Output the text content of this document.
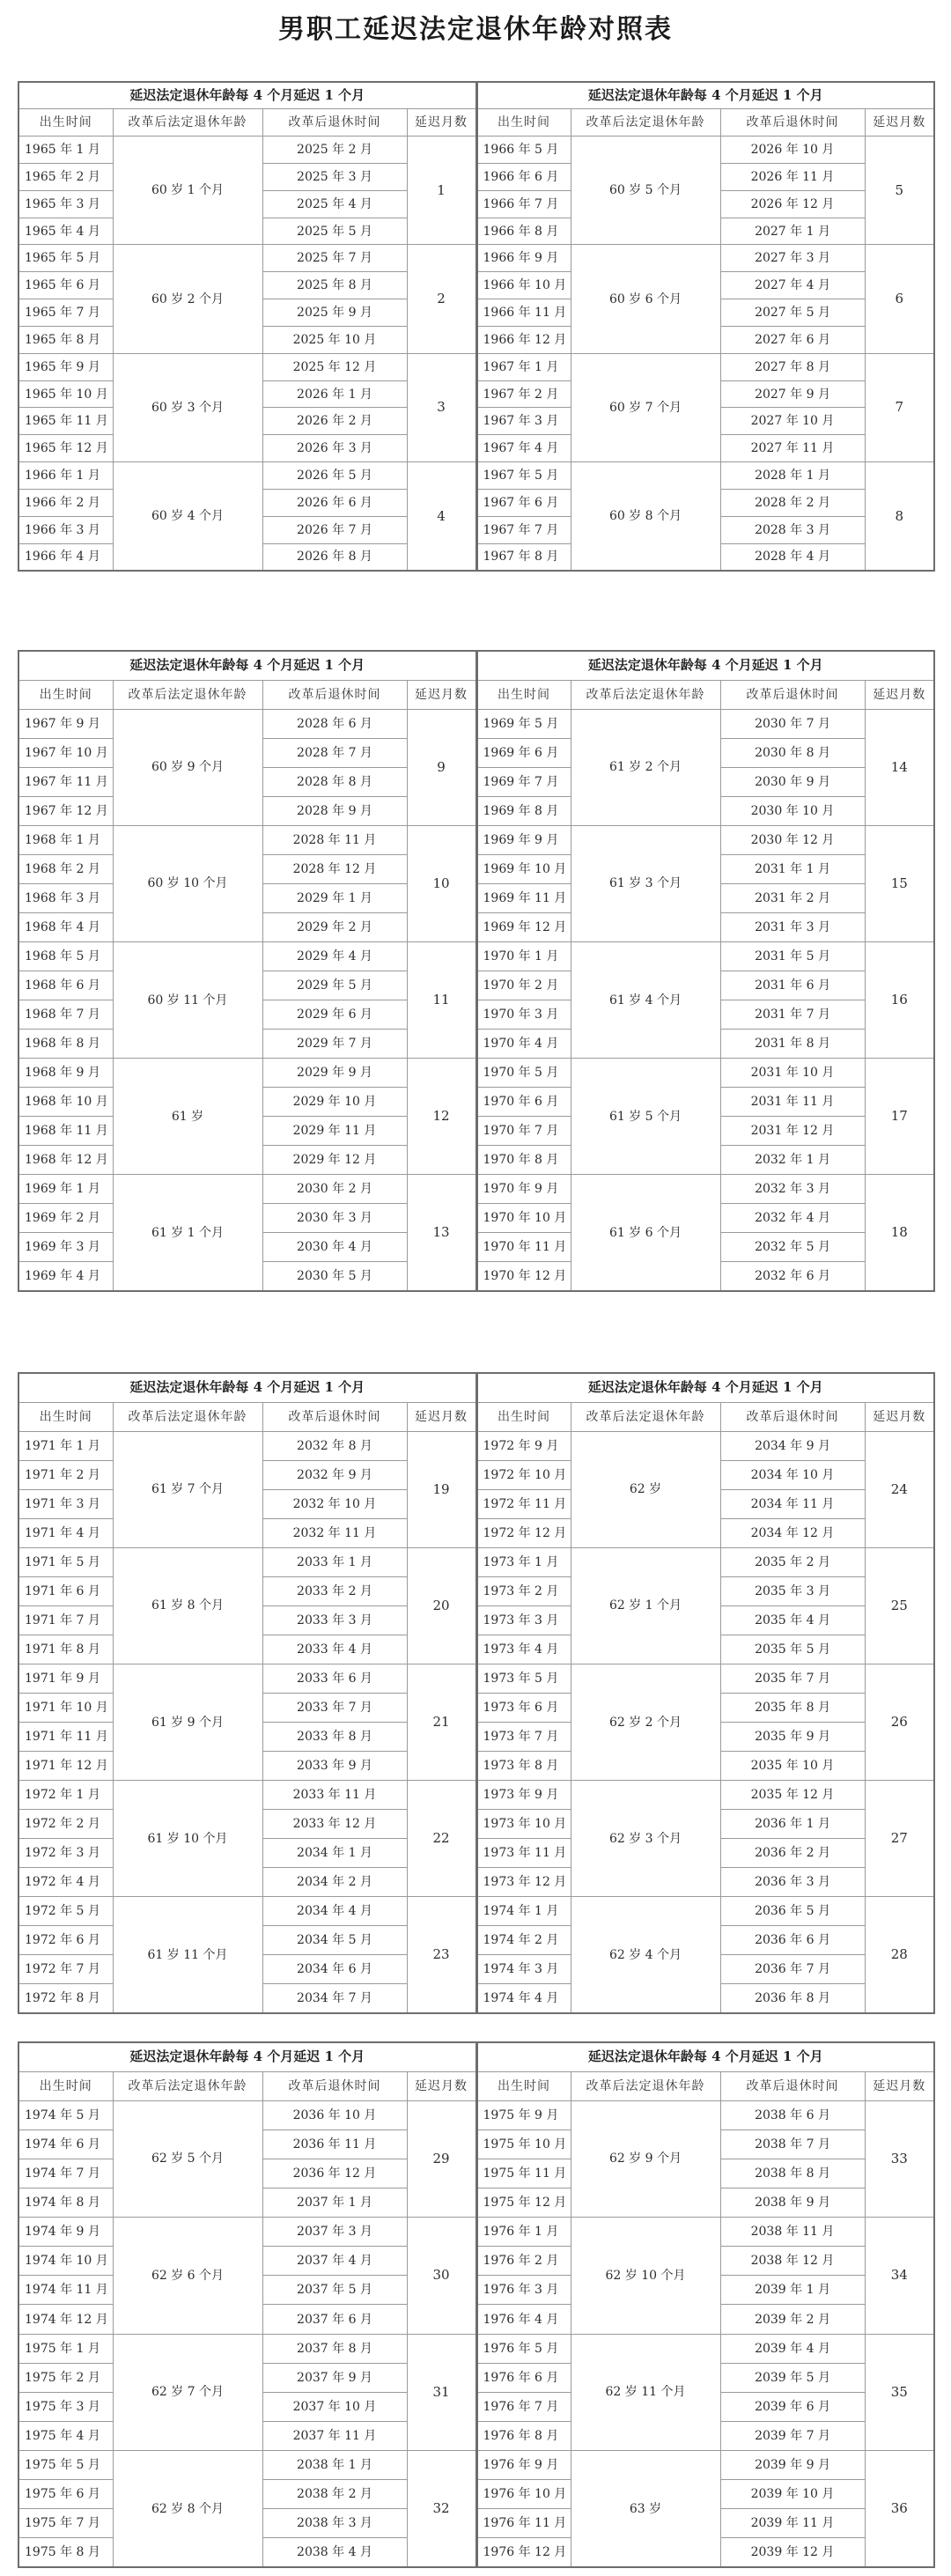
男职工延迟法定退休年龄对照表
延迟法定退休年龄每 4 个月延迟 1 个月				延迟法定退休年龄每 4 个月延迟 1 个月			
出生时间	改革后法定退休年龄	改革后退休时间	延迟月数	出生时间	改革后法定退休年龄	改革后退休时间	延迟月数
1965 年 1 月	60 岁 1 个月	2025 年 2 月	1	1966 年 5 月	60 岁 5 个月	2026 年 10 月	5
1965 年 2 月		2025 年 3 月		1966 年 6 月		2026 年 11 月	
1965 年 3 月		2025 年 4 月		1966 年 7 月		2026 年 12 月	
1965 年 4 月		2025 年 5 月		1966 年 8 月		2027 年 1 月	
1965 年 5 月	60 岁 2 个月	2025 年 7 月	2	1966 年 9 月	60 岁 6 个月	2027 年 3 月	6
1965 年 6 月		2025 年 8 月		1966 年 10 月		2027 年 4 月	
1965 年 7 月		2025 年 9 月		1966 年 11 月		2027 年 5 月	
1965 年 8 月		2025 年 10 月		1966 年 12 月		2027 年 6 月	
1965 年 9 月	60 岁 3 个月	2025 年 12 月	3	1967 年 1 月	60 岁 7 个月	2027 年 8 月	7
1965 年 10 月		2026 年 1 月		1967 年 2 月		2027 年 9 月	
1965 年 11 月		2026 年 2 月		1967 年 3 月		2027 年 10 月	
1965 年 12 月		2026 年 3 月		1967 年 4 月		2027 年 11 月	
1966 年 1 月	60 岁 4 个月	2026 年 5 月	4	1967 年 5 月	60 岁 8 个月	2028 年 1 月	8
1966 年 2 月		2026 年 6 月		1967 年 6 月		2028 年 2 月	
1966 年 3 月		2026 年 7 月		1967 年 7 月		2028 年 3 月	
1966 年 4 月		2026 年 8 月		1967 年 8 月		2028 年 4 月	
延迟法定退休年龄每 4 个月延迟 1 个月				延迟法定退休年龄每 4 个月延迟 1 个月			
出生时间	改革后法定退休年龄	改革后退休时间	延迟月数	出生时间	改革后法定退休年龄	改革后退休时间	延迟月数
1967 年 9 月	60 岁 9 个月	2028 年 6 月	9	1969 年 5 月	61 岁 2 个月	2030 年 7 月	14
1967 年 10 月		2028 年 7 月		1969 年 6 月		2030 年 8 月	
1967 年 11 月		2028 年 8 月		1969 年 7 月		2030 年 9 月	
1967 年 12 月		2028 年 9 月		1969 年 8 月		2030 年 10 月	
1968 年 1 月	60 岁 10 个月	2028 年 11 月	10	1969 年 9 月	61 岁 3 个月	2030 年 12 月	15
1968 年 2 月		2028 年 12 月		1969 年 10 月		2031 年 1 月	
1968 年 3 月		2029 年 1 月		1969 年 11 月		2031 年 2 月	
1968 年 4 月		2029 年 2 月		1969 年 12 月		2031 年 3 月	
1968 年 5 月	60 岁 11 个月	2029 年 4 月	11	1970 年 1 月	61 岁 4 个月	2031 年 5 月	16
1968 年 6 月		2029 年 5 月		1970 年 2 月		2031 年 6 月	
1968 年 7 月		2029 年 6 月		1970 年 3 月		2031 年 7 月	
1968 年 8 月		2029 年 7 月		1970 年 4 月		2031 年 8 月	
1968 年 9 月	61 岁	2029 年 9 月	12	1970 年 5 月	61 岁 5 个月	2031 年 10 月	17
1968 年 10 月		2029 年 10 月		1970 年 6 月		2031 年 11 月	
1968 年 11 月		2029 年 11 月		1970 年 7 月		2031 年 12 月	
1968 年 12 月		2029 年 12 月		1970 年 8 月		2032 年 1 月	
1969 年 1 月	61 岁 1 个月	2030 年 2 月	13	1970 年 9 月	61 岁 6 个月	2032 年 3 月	18
1969 年 2 月		2030 年 3 月		1970 年 10 月		2032 年 4 月	
1969 年 3 月		2030 年 4 月		1970 年 11 月		2032 年 5 月	
1969 年 4 月		2030 年 5 月		1970 年 12 月		2032 年 6 月	
延迟法定退休年龄每 4 个月延迟 1 个月				延迟法定退休年龄每 4 个月延迟 1 个月			
出生时间	改革后法定退休年龄	改革后退休时间	延迟月数	出生时间	改革后法定退休年龄	改革后退休时间	延迟月数
1971 年 1 月	61 岁 7 个月	2032 年 8 月	19	1972 年 9 月	62 岁	2034 年 9 月	24
1971 年 2 月		2032 年 9 月		1972 年 10 月		2034 年 10 月	
1971 年 3 月		2032 年 10 月		1972 年 11 月		2034 年 11 月	
1971 年 4 月		2032 年 11 月		1972 年 12 月		2034 年 12 月	
1971 年 5 月	61 岁 8 个月	2033 年 1 月	20	1973 年 1 月	62 岁 1 个月	2035 年 2 月	25
1971 年 6 月		2033 年 2 月		1973 年 2 月		2035 年 3 月	
1971 年 7 月		2033 年 3 月		1973 年 3 月		2035 年 4 月	
1971 年 8 月		2033 年 4 月		1973 年 4 月		2035 年 5 月	
1971 年 9 月	61 岁 9 个月	2033 年 6 月	21	1973 年 5 月	62 岁 2 个月	2035 年 7 月	26
1971 年 10 月		2033 年 7 月		1973 年 6 月		2035 年 8 月	
1971 年 11 月		2033 年 8 月		1973 年 7 月		2035 年 9 月	
1971 年 12 月		2033 年 9 月		1973 年 8 月		2035 年 10 月	
1972 年 1 月	61 岁 10 个月	2033 年 11 月	22	1973 年 9 月	62 岁 3 个月	2035 年 12 月	27
1972 年 2 月		2033 年 12 月		1973 年 10 月		2036 年 1 月	
1972 年 3 月		2034 年 1 月		1973 年 11 月		2036 年 2 月	
1972 年 4 月		2034 年 2 月		1973 年 12 月		2036 年 3 月	
1972 年 5 月	61 岁 11 个月	2034 年 4 月	23	1974 年 1 月	62 岁 4 个月	2036 年 5 月	28
1972 年 6 月		2034 年 5 月		1974 年 2 月		2036 年 6 月	
1972 年 7 月		2034 年 6 月		1974 年 3 月		2036 年 7 月	
1972 年 8 月		2034 年 7 月		1974 年 4 月		2036 年 8 月	
延迟法定退休年龄每 4 个月延迟 1 个月				延迟法定退休年龄每 4 个月延迟 1 个月			
出生时间	改革后法定退休年龄	改革后退休时间	延迟月数	出生时间	改革后法定退休年龄	改革后退休时间	延迟月数
1974 年 5 月	62 岁 5 个月	2036 年 10 月	29	1975 年 9 月	62 岁 9 个月	2038 年 6 月	33
1974 年 6 月		2036 年 11 月		1975 年 10 月		2038 年 7 月	
1974 年 7 月		2036 年 12 月		1975 年 11 月		2038 年 8 月	
1974 年 8 月		2037 年 1 月		1975 年 12 月		2038 年 9 月	
1974 年 9 月	62 岁 6 个月	2037 年 3 月	30	1976 年 1 月	62 岁 10 个月	2038 年 11 月	34
1974 年 10 月		2037 年 4 月		1976 年 2 月		2038 年 12 月	
1974 年 11 月		2037 年 5 月		1976 年 3 月		2039 年 1 月	
1974 年 12 月		2037 年 6 月		1976 年 4 月		2039 年 2 月	
1975 年 1 月	62 岁 7 个月	2037 年 8 月	31	1976 年 5 月	62 岁 11 个月	2039 年 4 月	35
1975 年 2 月		2037 年 9 月		1976 年 6 月		2039 年 5 月	
1975 年 3 月		2037 年 10 月		1976 年 7 月		2039 年 6 月	
1975 年 4 月		2037 年 11 月		1976 年 8 月		2039 年 7 月	
1975 年 5 月	62 岁 8 个月	2038 年 1 月	32	1976 年 9 月	63 岁	2039 年 9 月	36
1975 年 6 月		2038 年 2 月		1976 年 10 月		2039 年 10 月	
1975 年 7 月		2038 年 3 月		1976 年 11 月		2039 年 11 月	
1975 年 8 月		2038 年 4 月		1976 年 12 月		2039 年 12 月	
